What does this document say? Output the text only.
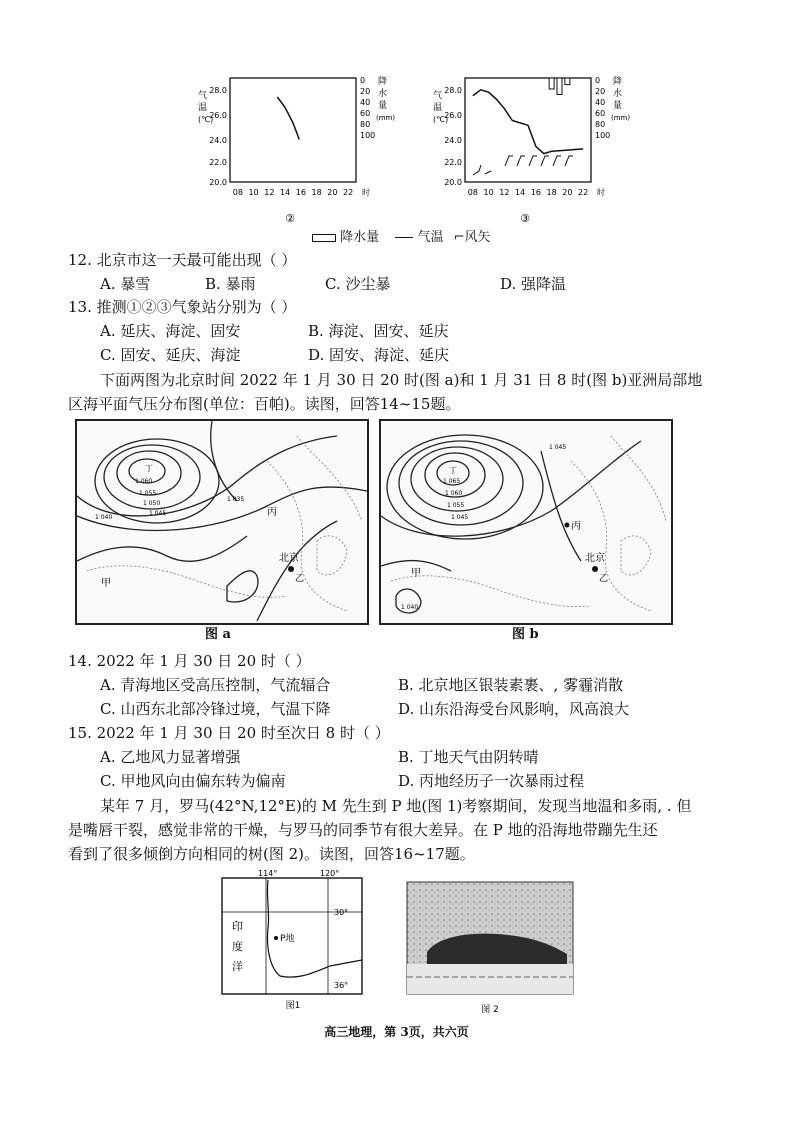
气
温
(℃)
28.0
26.0
24.0
22.0
20.0
0
20
40
60
80
100
降
水
量
(mm)
08 10 12 14 16 18 20 22 时
②
气
温
(℃)
28.0
26.0
24.0
22.0
20.0
0
20
40
60
80
100
降
水
量
(mm)
08 10 12 14 16 18 20 22 时
③
降水量	气温 ⌐风矢
12. 北京市这一天最可能出现（ ）
A. 暴雪	B. 暴雨	C. 沙尘暴	D. 强降温
13. 推测①②③气象站分别为（ ）
A. 延庆、海淀、固安	B. 海淀、固安、延庆
C. 固安、延庆、海淀	D. 固安、海淀、延庆
下面两图为北京时间 2022 年 1 月 30 日 20 时(图 a)和 1 月 31 日 8 时(图 b)亚洲局部地
区海平面气压分布图(单位：百帕)。读图，回答14~15题。
丁
1 060
1 055
1 050
1 045
1 040
1 035
丙
北京
乙
甲
图 a
丁
1 065
1 060
1 055
1 045
1 040
1 045
丙
北京
乙
甲
图 b
14. 2022 年 1 月 30 日 20 时（ ）
A. 青海地区受高压控制，气流辐合	B. 北京地区银装素裹、, 雾霾消散
C. 山西东北部冷锋过境，气温下降	D. 山东沿海受台风影响，风高浪大
15. 2022 年 1 月 30 日 20 时至次日 8 时（ ）
A. 乙地风力显著增强	B. 丁地天气由阴转晴
C. 甲地风向由偏东转为偏南	D. 丙地经历子一次暴雨过程
某年 7 月，罗马(42°N,12°E)的 M 先生到 P 地(图 1)考察期间，发现当地温和多雨, . 但
是嘴唇干裂，感觉非常的干燥，与罗马的同季节有很大差异。在 P 地的沿海地带蹦先生还
看到了很多倾倒方向相同的树(图 2)。读图，回答16~17题。
114°	120°
30°
36°
P地
印
度
洋
图1	图 2
高三地理，第 3页，共六页
